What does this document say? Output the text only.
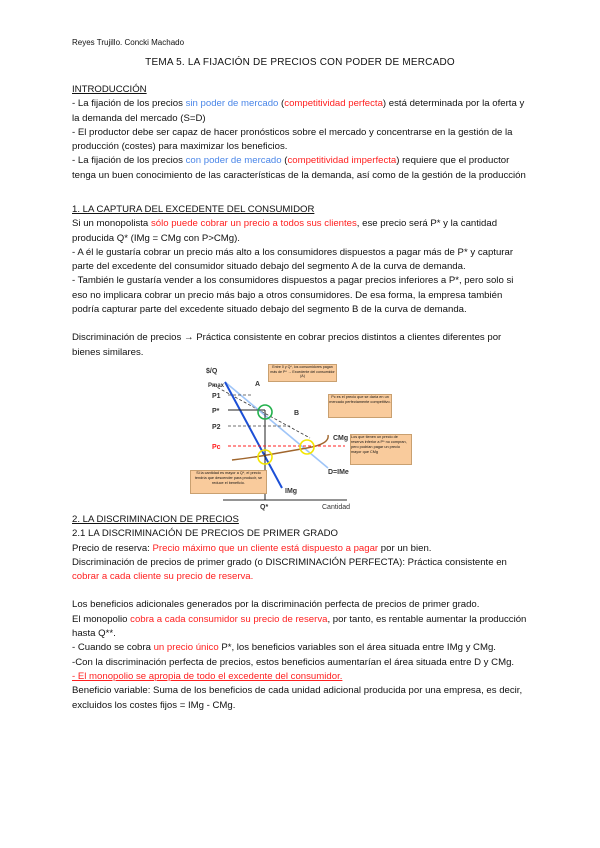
Reyes Trujillo. Concki Machado
TEMA 5. LA FIJACIÓN DE PRECIOS CON PODER DE MERCADO

INTRODUCCIÓN

- La fijación de los precios sin poder de mercado (competitividad perfecta) está determinada por la oferta y la demanda del mercado (S=D)

- El productor debe ser capaz de hacer pronósticos sobre el mercado y concentrarse en la gestión de la producción (costes) para maximizar los beneficios.

- La fijación de los precios con poder de mercado (competitividad imperfecta) requiere que el productor tenga un buen conocimiento de las características de la demanda, así como de la gestión de la producción

1. LA CAPTURA DEL EXCEDENTE DEL CONSUMIDOR

Si un monopolista sólo puede cobrar un precio a todos sus clientes, ese precio será P* y la cantidad producida Q* (IMg = CMg con P>CMg).

- A él le gustaría cobrar un precio más alto a los consumidores dispuestos a pagar más de P* y capturar parte del excedente del consumidor situado debajo del segmento A de la curva de demanda.

- También le gustaría vender a los consumidores dispuestos a pagar precios inferiores a P*, pero solo si eso no implicara cobrar un precio más bajo a otros consumidores. De esa forma, la empresa también podría capturar parte del excedente situado debajo del segmento B de la curva de demanda.

Discriminación de precios → Práctica consistente en cobrar precios distintos a clientes diferentes por bienes similares.

$/Q
Pmax
P1
P*
P2
Pc
A
B
CMg
D=IMe
IMg
Q*	Cantidad
Entre 0 y Q*, los consumidores pagan más de P* → Excedente del consumidor (A)
Pc es el precio que se daría en un mercado perfectamente competitivo.
Los que tienen un precio de reserva inferior a P* no compran, pero podrían pagar un precio mayor que CMg
Si la cantidad es mayor a Q*, el precio tendría que descender para producir, se reduce el beneficio.

2. LA DISCRIMINACION DE PRECIOS

2.1 LA DISCRIMINACIÓN DE PRECIOS DE PRIMER GRADO

Precio de reserva: Precio máximo que un cliente está dispuesto a pagar por un bien.

Discriminación de precios de primer grado (o DISCRIMINACIÓN PERFECTA): Práctica consistente en cobrar a cada cliente su precio de reserva.

Los beneficios adicionales generados por la discriminación perfecta de precios de primer grado.

El monopolio cobra a cada consumidor su precio de reserva, por tanto, es rentable aumentar la producción hasta Q**.

- Cuando se cobra un precio único P*, los beneficios variables son el área situada entre IMg y CMg.

-Con la discriminación perfecta de precios, estos beneficios aumentarían el área situada entre D y CMg.

- El monopolio se apropia de todo el excedente del consumidor.

Beneficio variable: Suma de los beneficios de cada unidad adicional producida por una empresa, es decir, excluidos los costes fijos = IMg - CMg.
